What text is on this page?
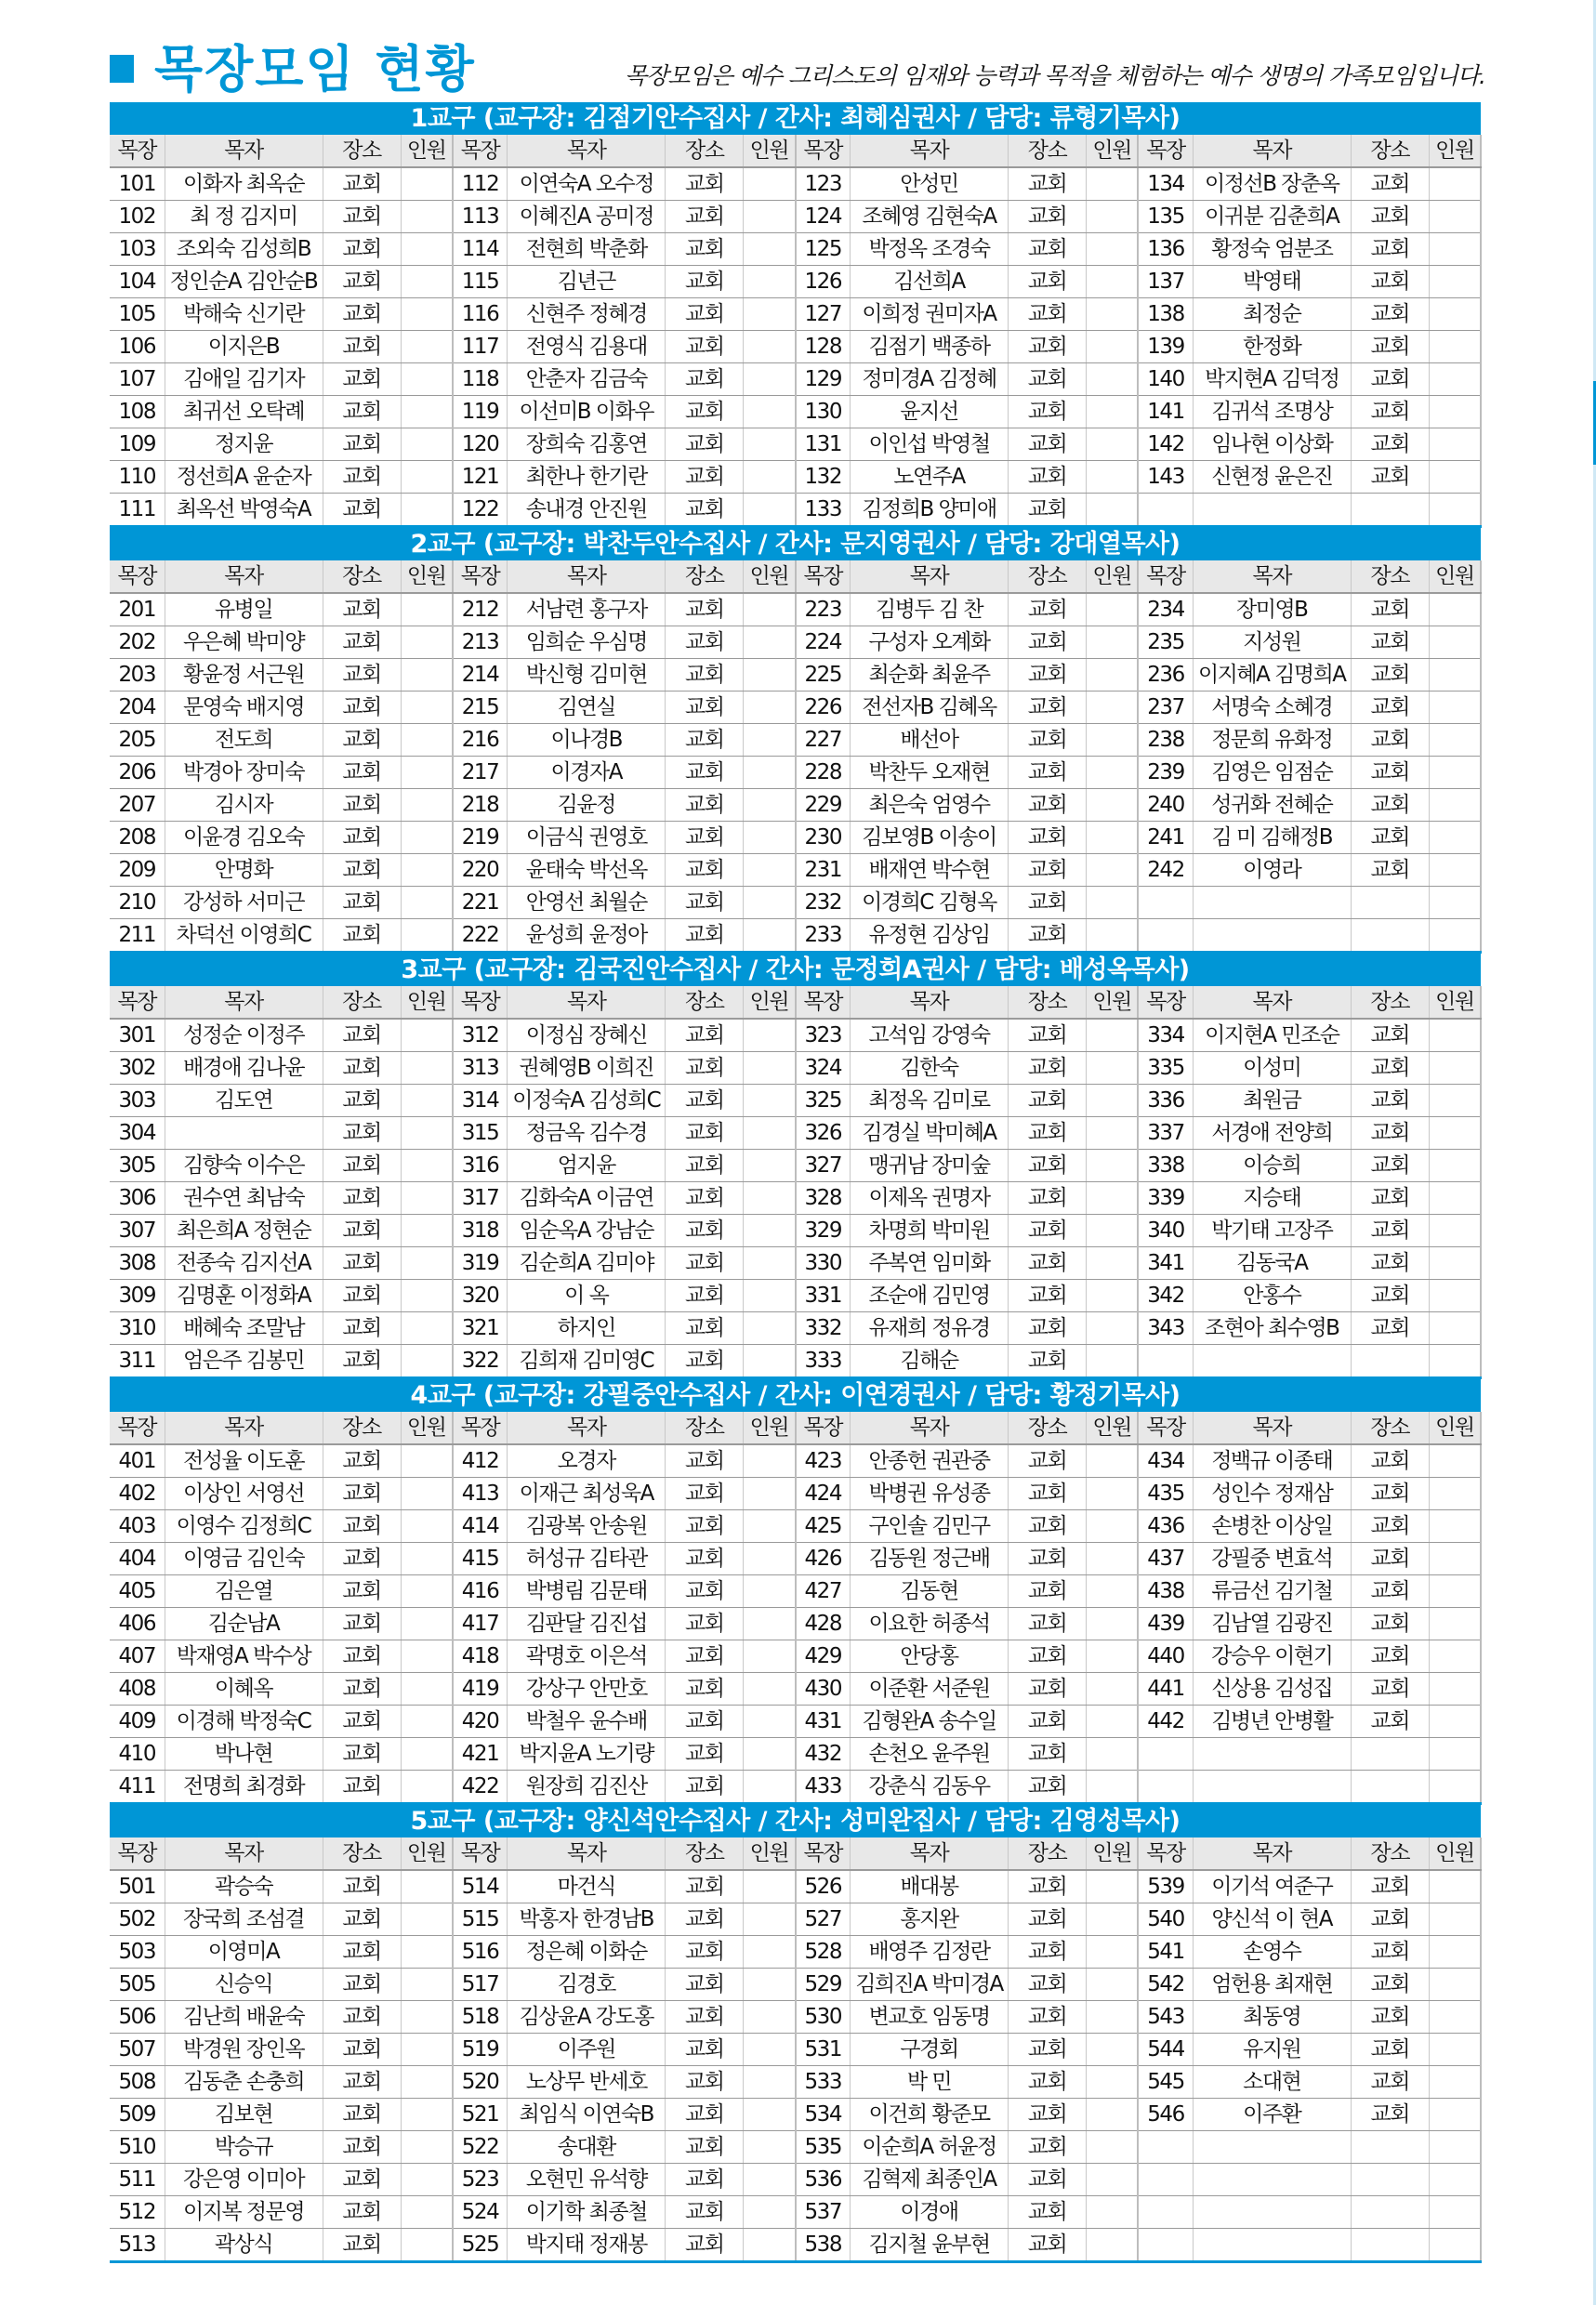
목장모임 현황	목장모임은 예수 그리스도의 임재와 능력과 목적을 체험하는 예수 생명의 가족모임입니다.
1교구 (교구장: 김점기안수집사 / 간사: 최혜심권사 / 담당: 류형기목사)
목장	목자	장소	인원	목장	목자	장소	인원	목장	목자	장소	인원	목장	목자	장소	인원
101	이화자 최옥순	교회		112	이연숙A 오수정	교회		123	안성민	교회		134	이정선B 장춘옥	교회	
102	최 정 김지미	교회		113	이혜진A 공미정	교회		124	조혜영 김현숙A	교회		135	이귀분 김춘희A	교회	
103	조외숙 김성희B	교회		114	전현희 박춘화	교회		125	박정옥 조경숙	교회		136	황정숙 엄분조	교회	
104	정인순A 김안순B	교회		115	김년근	교회		126	김선희A	교회		137	박영태	교회	
105	박해숙 신기란	교회		116	신현주 정혜경	교회		127	이희정 권미자A	교회		138	최정순	교회	
106	이지은B	교회		117	전영식 김용대	교회		128	김점기 백종하	교회		139	한정화	교회	
107	김애일 김기자	교회		118	안춘자 김금숙	교회		129	정미경A 김정혜	교회		140	박지현A 김덕정	교회	
108	최귀선 오탁례	교회		119	이선미B 이화우	교회		130	윤지선	교회		141	김귀석 조명상	교회	
109	정지윤	교회		120	장희숙 김홍연	교회		131	이인섭 박영철	교회		142	임나현 이상화	교회	
110	정선희A 윤순자	교회		121	최한나 한기란	교회		132	노연주A	교회		143	신현정 윤은진	교회	
111	최옥선 박영숙A	교회		122	송내경 안진원	교회		133	김정희B 양미애	교회					
2교구 (교구장: 박찬두안수집사 / 간사: 문지영권사 / 담당: 강대열목사)
목장	목자	장소	인원	목장	목자	장소	인원	목장	목자	장소	인원	목장	목자	장소	인원
201	유병일	교회		212	서남련 홍구자	교회		223	김병두 김 찬	교회		234	장미영B	교회	
202	우은혜 박미양	교회		213	임희순 우심명	교회		224	구성자 오계화	교회		235	지성원	교회	
203	황윤정 서근원	교회		214	박신형 김미현	교회		225	최순화 최윤주	교회		236	이지혜A 김명희A	교회	
204	문영숙 배지영	교회		215	김연실	교회		226	전선자B 김혜옥	교회		237	서명숙 소혜경	교회	
205	전도희	교회		216	이나경B	교회		227	배선아	교회		238	정문희 유화정	교회	
206	박경아 장미숙	교회		217	이경자A	교회		228	박찬두 오재현	교회		239	김영은 임점순	교회	
207	김시자	교회		218	김윤정	교회		229	최은숙 엄영수	교회		240	성귀화 전혜순	교회	
208	이윤경 김오숙	교회		219	이금식 권영호	교회		230	김보영B 이송이	교회		241	김 미 김해정B	교회	
209	안명화	교회		220	윤태숙 박선옥	교회		231	배재연 박수현	교회		242	이영라	교회	
210	강성하 서미근	교회		221	안영선 최월순	교회		232	이경희C 김형옥	교회					
211	차덕선 이영희C	교회		222	윤성희 윤정아	교회		233	유정현 김상임	교회					
3교구 (교구장: 김국진안수집사 / 간사: 문정희A권사 / 담당: 배성옥목사)
목장	목자	장소	인원	목장	목자	장소	인원	목장	목자	장소	인원	목장	목자	장소	인원
301	성정순 이정주	교회		312	이정심 장혜신	교회		323	고석임 강영숙	교회		334	이지현A 민조순	교회	
302	배경애 김나윤	교회		313	권혜영B 이희진	교회		324	김한숙	교회		335	이성미	교회	
303	김도연	교회		314	이정숙A 김성희C	교회		325	최정옥 김미로	교회		336	최원금	교회	
304		교회		315	정금옥 김수경	교회		326	김경실 박미혜A	교회		337	서경애 전양희	교회	
305	김향숙 이수은	교회		316	엄지윤	교회		327	맹귀남 장미숲	교회		338	이승희	교회	
306	권수연 최남숙	교회		317	김화숙A 이금연	교회		328	이제옥 권명자	교회		339	지승태	교회	
307	최은희A 정현순	교회		318	임순옥A 강남순	교회		329	차명희 박미원	교회		340	박기태 고장주	교회	
308	전종숙 김지선A	교회		319	김순희A 김미야	교회		330	주복연 임미화	교회		341	김동국A	교회	
309	김명훈 이정화A	교회		320	이 옥	교회		331	조순애 김민영	교회		342	안홍수	교회	
310	배혜숙 조말남	교회		321	하지인	교회		332	유재희 정유경	교회		343	조현아 최수영B	교회	
311	엄은주 김봉민	교회		322	김희재 김미영C	교회		333	김해순	교회					
4교구 (교구장: 강필중안수집사 / 간사: 이연경권사 / 담당: 황정기목사)
목장	목자	장소	인원	목장	목자	장소	인원	목장	목자	장소	인원	목장	목자	장소	인원
401	전성율 이도훈	교회		412	오경자	교회		423	안종헌 권관중	교회		434	정백규 이종태	교회	
402	이상인 서영선	교회		413	이재근 최성욱A	교회		424	박병권 유성종	교회		435	성인수 정재삼	교회	
403	이영수 김정희C	교회		414	김광복 안송원	교회		425	구인솔 김민구	교회		436	손병찬 이상일	교회	
404	이영금 김인숙	교회		415	허성규 김타관	교회		426	김동원 정근배	교회		437	강필중 변효석	교회	
405	김은열	교회		416	박병림 김문태	교회		427	김동현	교회		438	류금선 김기철	교회	
406	김순남A	교회		417	김판달 김진섭	교회		428	이요한 허종석	교회		439	김남열 김광진	교회	
407	박재영A 박수상	교회		418	곽명호 이은석	교회		429	안당홍	교회		440	강승우 이현기	교회	
408	이혜옥	교회		419	강상구 안만호	교회		430	이준환 서준원	교회		441	신상용 김성집	교회	
409	이경해 박정숙C	교회		420	박철우 윤수배	교회		431	김형완A 송수일	교회		442	김병년 안병활	교회	
410	박나현	교회		421	박지윤A 노기량	교회		432	손천오 윤주원	교회					
411	전명희 최경화	교회		422	원장희 김진산	교회		433	강춘식 김동우	교회					
5교구 (교구장: 양신석안수집사 / 간사: 성미완집사 / 담당: 김영성목사)
목장	목자	장소	인원	목장	목자	장소	인원	목장	목자	장소	인원	목장	목자	장소	인원
501	곽승숙	교회		514	마건식	교회		526	배대봉	교회		539	이기석 여준구	교회	
502	장국희 조섬결	교회		515	박홍자 한경남B	교회		527	홍지완	교회		540	양신석 이 현A	교회	
503	이영미A	교회		516	정은혜 이화순	교회		528	배영주 김정란	교회		541	손영수	교회	
505	신승익	교회		517	김경호	교회		529	김희진A 박미경A	교회		542	엄헌용 최재현	교회	
506	김난희 배윤숙	교회		518	김상윤A 강도홍	교회		530	변교호 임동명	교회		543	최동영	교회	
507	박경원 장인옥	교회		519	이주원	교회		531	구경회	교회		544	유지원	교회	
508	김동춘 손충희	교회		520	노상무 반세호	교회		533	박 민	교회		545	소대현	교회	
509	김보현	교회		521	최임식 이연숙B	교회		534	이건희 황준모	교회		546	이주환	교회	
510	박승규	교회		522	송대환	교회		535	이순희A 허윤정	교회					
511	강은영 이미아	교회		523	오현민 유석향	교회		536	김혁제 최종인A	교회					
512	이지복 정문영	교회		524	이기학 최종철	교회		537	이경애	교회					
513	곽상식	교회		525	박지태 정재봉	교회		538	김지철 윤부현	교회					
